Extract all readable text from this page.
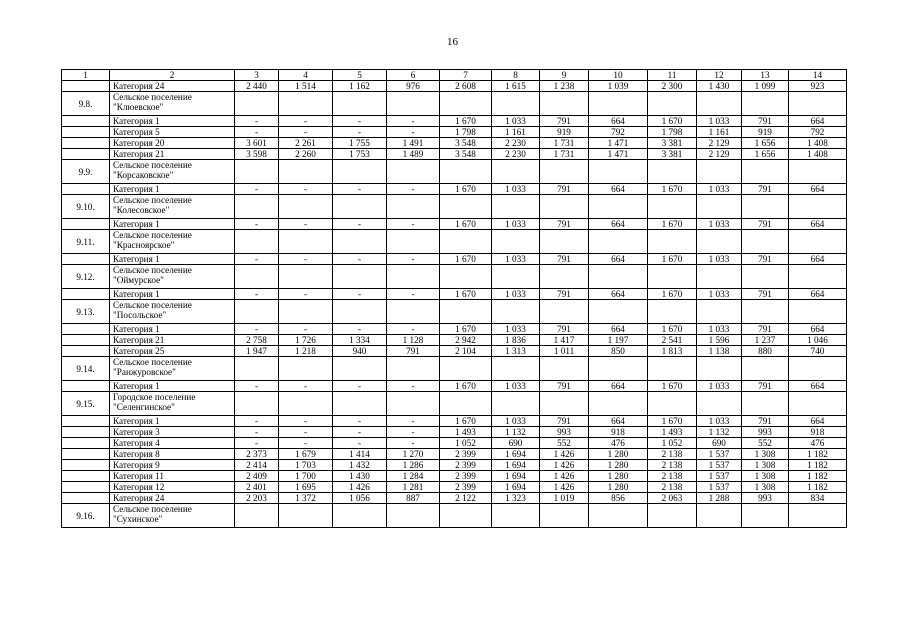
16
1	2	3	4	5	6	7	8	9	10	11	12	13	14
	Категория 24	2 440	1 514	1 162	976	2 608	1 615	1 238	1 039	2 300	1 430	1 099	923
9.8.	Сельское поселение
"Клюевское"												

	Категория 1	-	-	-	-	1 670	1 033	791	664	1 670	1 033	791	664
	Категория 5	-	-	-	-	1 798	1 161	919	792	1 798	1 161	919	792
	Категория 20	3 601	2 261	1 755	1 491	3 548	2 230	1 731	1 471	3 381	2 129	1 656	1 408
	Категория 21	3 598	2 260	1 753	1 489	3 548	2 230	1 731	1 471	3 381	2 129	1 656	1 408
9.9.	Сельское поселение
"Корсаковское"												

	Категория 1	-	-	-	-	1 670	1 033	791	664	1 670	1 033	791	664
9.10.	Сельское поселение
"Колесовское"												

	Категория 1	-	-	-	-	1 670	1 033	791	664	1 670	1 033	791	664
9.11.	Сельское поселение
"Красноярское"												

	Категория 1	-	-	-	-	1 670	1 033	791	664	1 670	1 033	791	664
9.12.	Сельское поселение
"Оймурское"												

	Категория 1	-	-	-	-	1 670	1 033	791	664	1 670	1 033	791	664
9.13.	Сельское поселение
"Посольское"												

	Категория 1	-	-	-	-	1 670	1 033	791	664	1 670	1 033	791	664
	Категория 21	2 758	1 726	1 334	1 128	2 942	1 836	1 417	1 197	2 541	1 596	1 237	1 046
	Категория 25	1 947	1 218	940	791	2 104	1 313	1 011	850	1 813	1 138	880	740
9.14.	Сельское поселение
"Ранжуровское"												

	Категория 1	-	-	-	-	1 670	1 033	791	664	1 670	1 033	791	664
9.15.	Городское поселение
"Селенгинское"												

	Категория 1	-	-	-	-	1 670	1 033	791	664	1 670	1 033	791	664
	Категория 3	-	-	-	-	1 493	1 132	993	918	1 493	1 132	993	918
	Категория 4	-	-	-	-	1 052	690	552	476	1 052	690	552	476
	Категория 8	2 373	1 679	1 414	1 270	2 399	1 694	1 426	1 280	2 138	1 537	1 308	1 182
	Категория 9	2 414	1 703	1 432	1 286	2 399	1 694	1 426	1 280	2 138	1 537	1 308	1 182
	Категория 11	2 409	1 700	1 430	1 284	2 399	1 694	1 426	1 280	2 138	1 537	1 308	1 182
	Категория 12	2 401	1 695	1 426	1 281	2 399	1 694	1 426	1 280	2 138	1 537	1 308	1 182
	Категория 24	2 203	1 372	1 056	887	2 122	1 323	1 019	856	2 063	1 288	993	834
9.16.	Сельское поселение
"Сухинское"												
